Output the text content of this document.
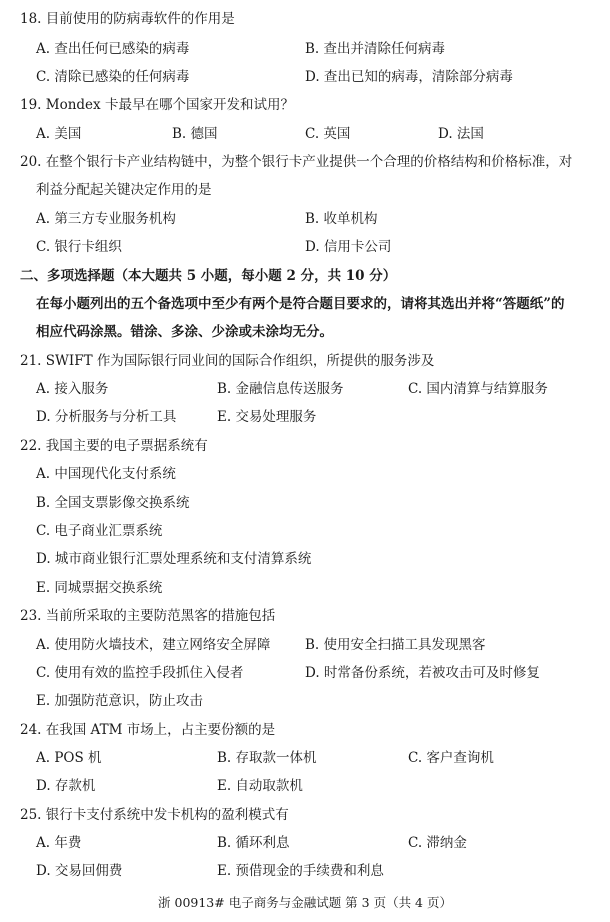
18. 目前使用的防病毒软件的作用是
A. 查出任何已感染的病毒	B. 查出并清除任何病毒
C. 清除已感染的任何病毒	D. 查出已知的病毒，清除部分病毒
19. Mondex 卡最早在哪个国家开发和试用？
A. 美国	B. 德国	C. 英国	D. 法国
20. 在整个银行卡产业结构链中，为整个银行卡产业提供一个合理的价格结构和价格标准，对
利益分配起关键决定作用的是
A. 第三方专业服务机构	B. 收单机构
C. 银行卡组织	D. 信用卡公司
二、多项选择题（本大题共 5 小题，每小题 2 分，共 10 分）
在每小题列出的五个备选项中至少有两个是符合题目要求的，请将其选出并将“答题纸”的
相应代码涂黑。错涂、多涂、少涂或未涂均无分。
21. SWIFT 作为国际银行同业间的国际合作组织，所提供的服务涉及
A. 接入服务	B. 金融信息传送服务	C. 国内清算与结算服务
D. 分析服务与分析工具	E. 交易处理服务
22. 我国主要的电子票据系统有
A. 中国现代化支付系统
B. 全国支票影像交换系统
C. 电子商业汇票系统
D. 城市商业银行汇票处理系统和支付清算系统
E. 同城票据交换系统
23. 当前所采取的主要防范黑客的措施包括
A. 使用防火墙技术，建立网络安全屏障	B. 使用安全扫描工具发现黑客
C. 使用有效的监控手段抓住入侵者	D. 时常备份系统，若被攻击可及时修复
E. 加强防范意识，防止攻击
24. 在我国 ATM 市场上，占主要份额的是
A. POS 机	B. 存取款一体机	C. 客户查询机
D. 存款机	E. 自动取款机
25. 银行卡支付系统中发卡机构的盈利模式有
A. 年费	B. 循环利息	C. 滞纳金
D. 交易回佣费	E. 预借现金的手续费和利息
浙 00913# 电子商务与金融试题 第 3 页（共 4 页）
